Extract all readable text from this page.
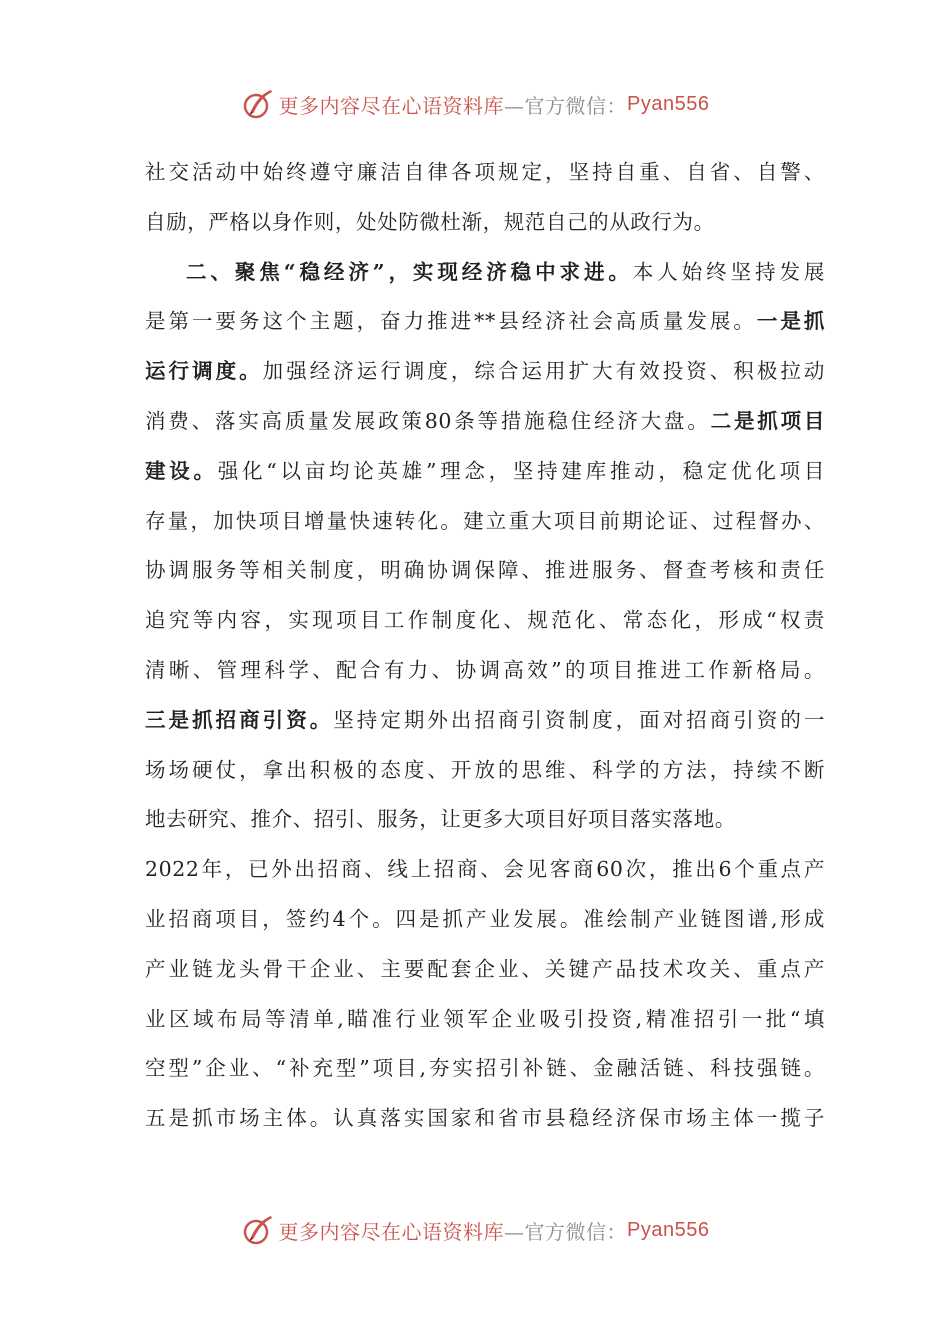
更多内容尽在心语资料库 —官方微信： Pyan556
社交活动中始终遵守廉洁自律各项规定，坚持自重、自省、自警、
自励，严格以身作则，处处防微杜渐，规范自己的从政行为。
二、聚焦“稳经济”，实现经济稳中求进。本人始终坚持发展
是第一要务这个主题，奋力推进**县经济社会高质量发展。一是抓
运行调度。加强经济运行调度，综合运用扩大有效投资、积极拉动
消费、落实高质量发展政策80条等措施稳住经济大盘。二是抓项目
建设。强化“以亩均论英雄”理念，坚持建库推动，稳定优化项目
存量，加快项目增量快速转化。建立重大项目前期论证、过程督办、
协调服务等相关制度，明确协调保障、推进服务、督查考核和责任
追究等内容，实现项目工作制度化、规范化、常态化，形成“权责
清晰、管理科学、配合有力、协调高效”的项目推进工作新格局。
三是抓招商引资。坚持定期外出招商引资制度，面对招商引资的一
场场硬仗，拿出积极的态度、开放的思维、科学的方法，持续不断
地去研究、推介、招引、服务，让更多大项目好项目落实落地。
2022年，已外出招商、线上招商、会见客商60次，推出6个重点产
业招商项目，签约4个。四是抓产业发展。准绘制产业链图谱,形成
产业链龙头骨干企业、主要配套企业、关键产品技术攻关、重点产
业区域布局等清单,瞄准行业领军企业吸引投资,精准招引一批“填
空型”企业、“补充型”项目,夯实招引补链、金融活链、科技强链。
五是抓市场主体。认真落实国家和省市县稳经济保市场主体一揽子
更多内容尽在心语资料库 —官方微信： Pyan556
